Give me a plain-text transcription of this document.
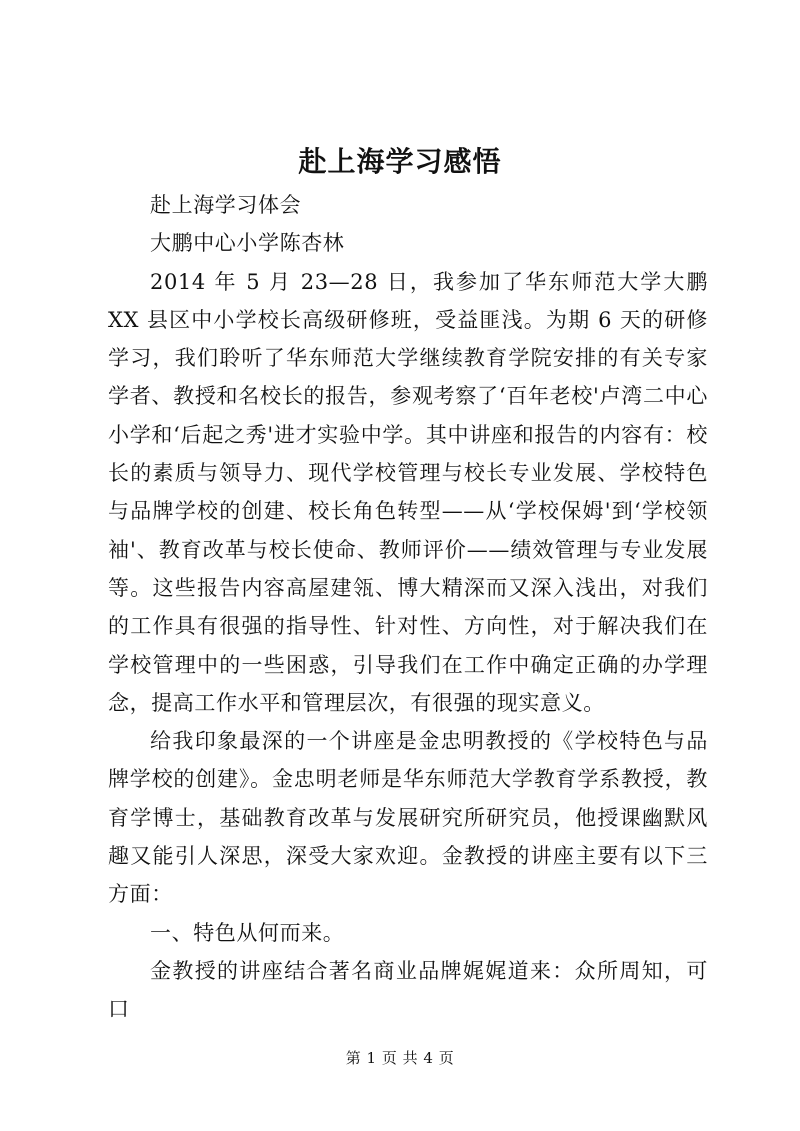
赴上海学习感悟

赴上海学习体会

大鹏中心小学陈杏林

2014 年 5 月 23—28 日，我参加了华东师范大学大鹏 XX 县区中小学校长高级研修班，受益匪浅。为期 6 天的研修学习，我们聆听了华东师范大学继续教育学院安排的有关专家学者、教授和名校长的报告，参观考察了‘百年老校'卢湾二中心小学和‘后起之秀'进才实验中学。其中讲座和报告的内容有：校长的素质与领导力、现代学校管理与校长专业发展、学校特色与品牌学校的创建、校长角色转型——从‘学校保姆'到‘学校领袖'、教育改革与校长使命、教师评价——绩效管理与专业发展等。这些报告内容高屋建瓴、博大精深而又深入浅出，对我们的工作具有很强的指导性、针对性、方向性，对于解决我们在学校管理中的一些困惑，引导我们在工作中确定正确的办学理念，提高工作水平和管理层次，有很强的现实意义。

给我印象最深的一个讲座是金忠明教授的《学校特色与品牌学校的创建》。金忠明老师是华东师范大学教育学系教授，教育学博士，基础教育改革与发展研究所研究员，他授课幽默风趣又能引人深思，深受大家欢迎。金教授的讲座主要有以下三方面：

一、特色从何而来。

金教授的讲座结合著名商业品牌娓娓道来：众所周知，可口

第 1 页 共 4 页
